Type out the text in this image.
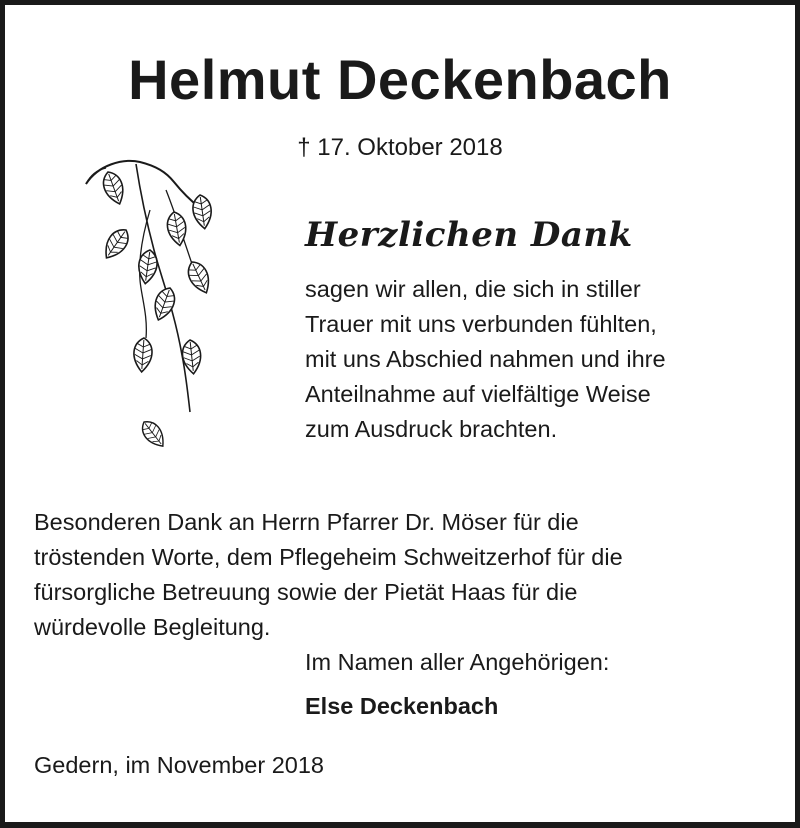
Helmut Deckenbach
† 17. Oktober 2018
Herzlichen Dank
sagen wir allen, die sich in stiller
Trauer mit uns verbunden fühlten,
mit uns Abschied nahmen und ihre
Anteilnahme auf vielfältige Weise
zum Ausdruck brachten.
Besonderen Dank an Herrn Pfarrer Dr. Möser für die
tröstenden Worte, dem Pflegeheim Schweitzerhof für die
fürsorgliche Betreuung sowie der Pietät Haas für die
würdevolle Begleitung.
Im Namen aller Angehörigen:
Else Deckenbach
Gedern, im November 2018
